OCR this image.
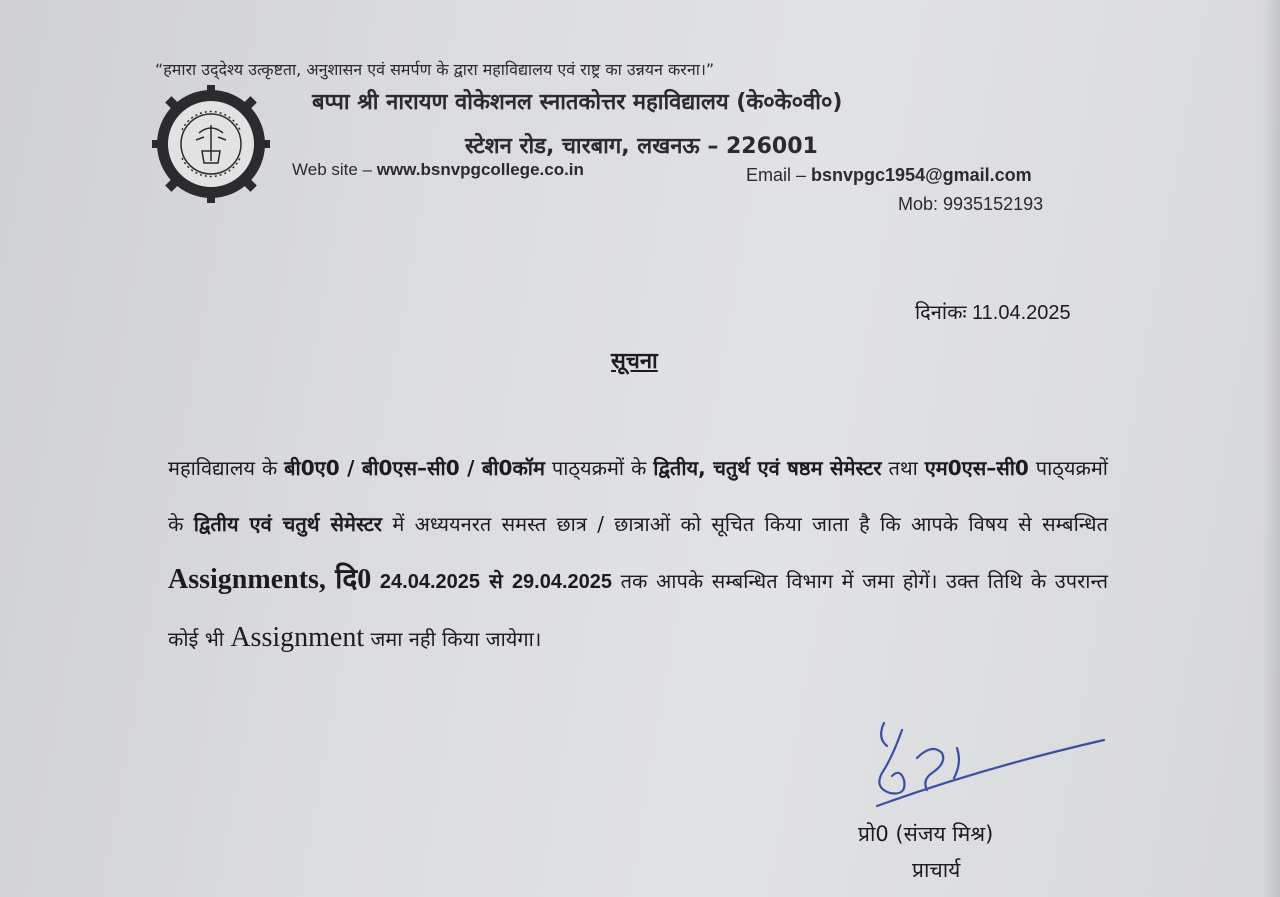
“हमारा उद्‌देश्य उत्कृष्टता, अनुशासन एवं समर्पण के द्वारा महाविद्यालय एवं राष्ट्र का उन्नयन करना।”
बप्पा श्री नारायण वोकेशनल स्नातकोत्तर महाविद्यालय (के०के०वी०)
स्टेशन रोड, चारबाग, लखनऊ – 226001
Web site – www.bsnvpgcollege.co.in	Email – bsnvpgc1954@gmail.com
Mob: 9935152193
दिनांकः 11.04.2025
सूचना
महाविद्यालय के बी0ए0 / बी0एस–सी0 / बी0कॉम पाठ्‌यक्रमों के द्वितीय, चतुर्थ एवं षष्ठम सेमेस्टर तथा एम0एस–सी0 पाठ्‌यक्रमों के द्वितीय एवं चतुर्थ सेमेस्टर में अध्ययनरत समस्त छात्र / छात्राओं को सूचित किया जाता है कि आपके विषय से सम्बन्धित Assignments, दि0 24.04.2025 से 29.04.2025 तक आपके सम्बन्धित विभाग में जमा होगें। उक्त तिथि के उपरान्त कोई भी Assignment जमा नही किया जायेगा।
प्रो0 (संजय मिश्र)
प्राचार्य
